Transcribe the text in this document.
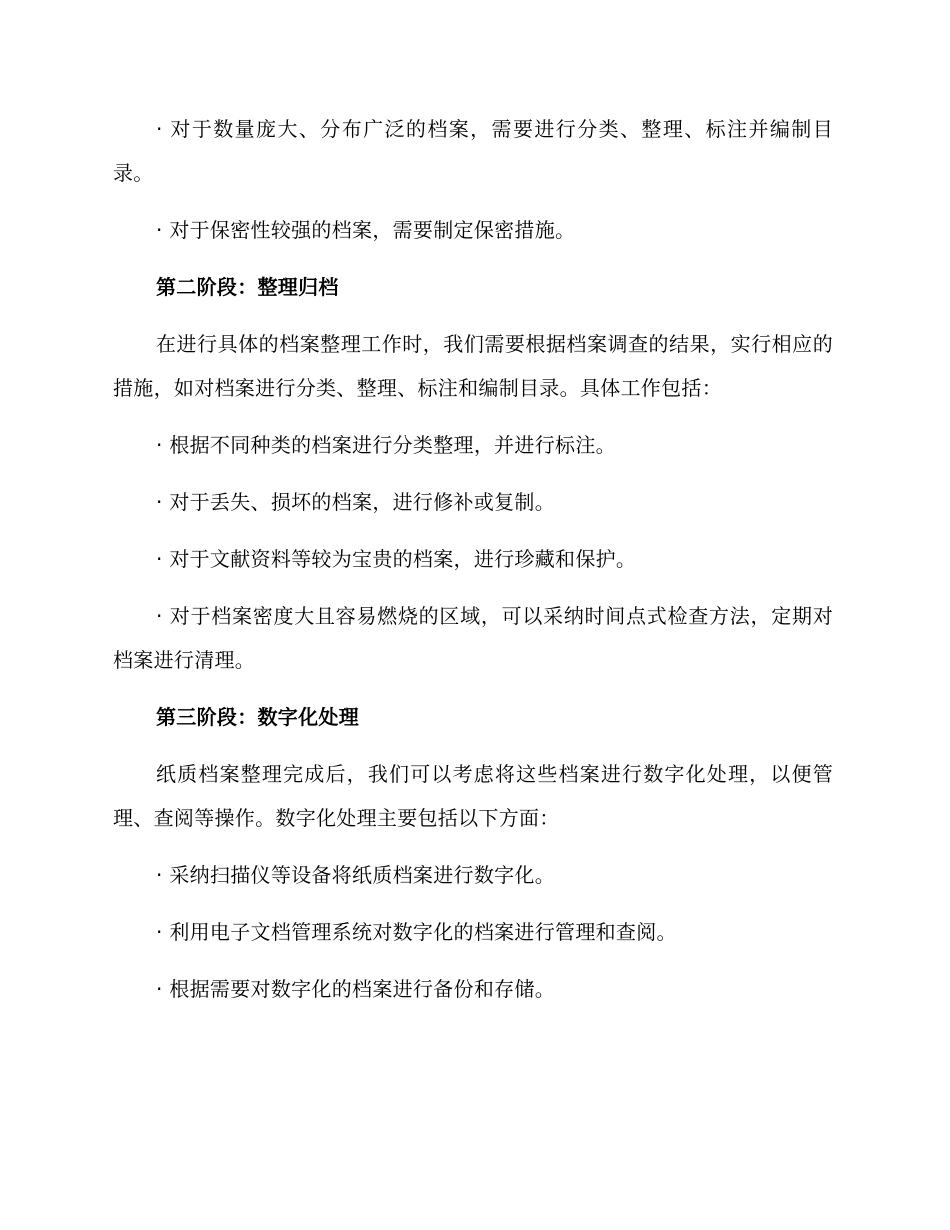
· 对于数量庞大、分布广泛的档案，需要进行分类、整理、标注并编制目录。

· 对于保密性较强的档案，需要制定保密措施。

第二阶段：整理归档

在进行具体的档案整理工作时，我们需要根据档案调查的结果，实行相应的措施，如对档案进行分类、整理、标注和编制目录。具体工作包括：

· 根据不同种类的档案进行分类整理，并进行标注。

· 对于丢失、损坏的档案，进行修补或复制。

· 对于文献资料等较为宝贵的档案，进行珍藏和保护。

· 对于档案密度大且容易燃烧的区域，可以采纳时间点式检查方法，定期对档案进行清理。

第三阶段：数字化处理

纸质档案整理完成后，我们可以考虑将这些档案进行数字化处理，以便管理、查阅等操作。数字化处理主要包括以下方面：

· 采纳扫描仪等设备将纸质档案进行数字化。

· 利用电子文档管理系统对数字化的档案进行管理和查阅。

· 根据需要对数字化的档案进行备份和存储。
